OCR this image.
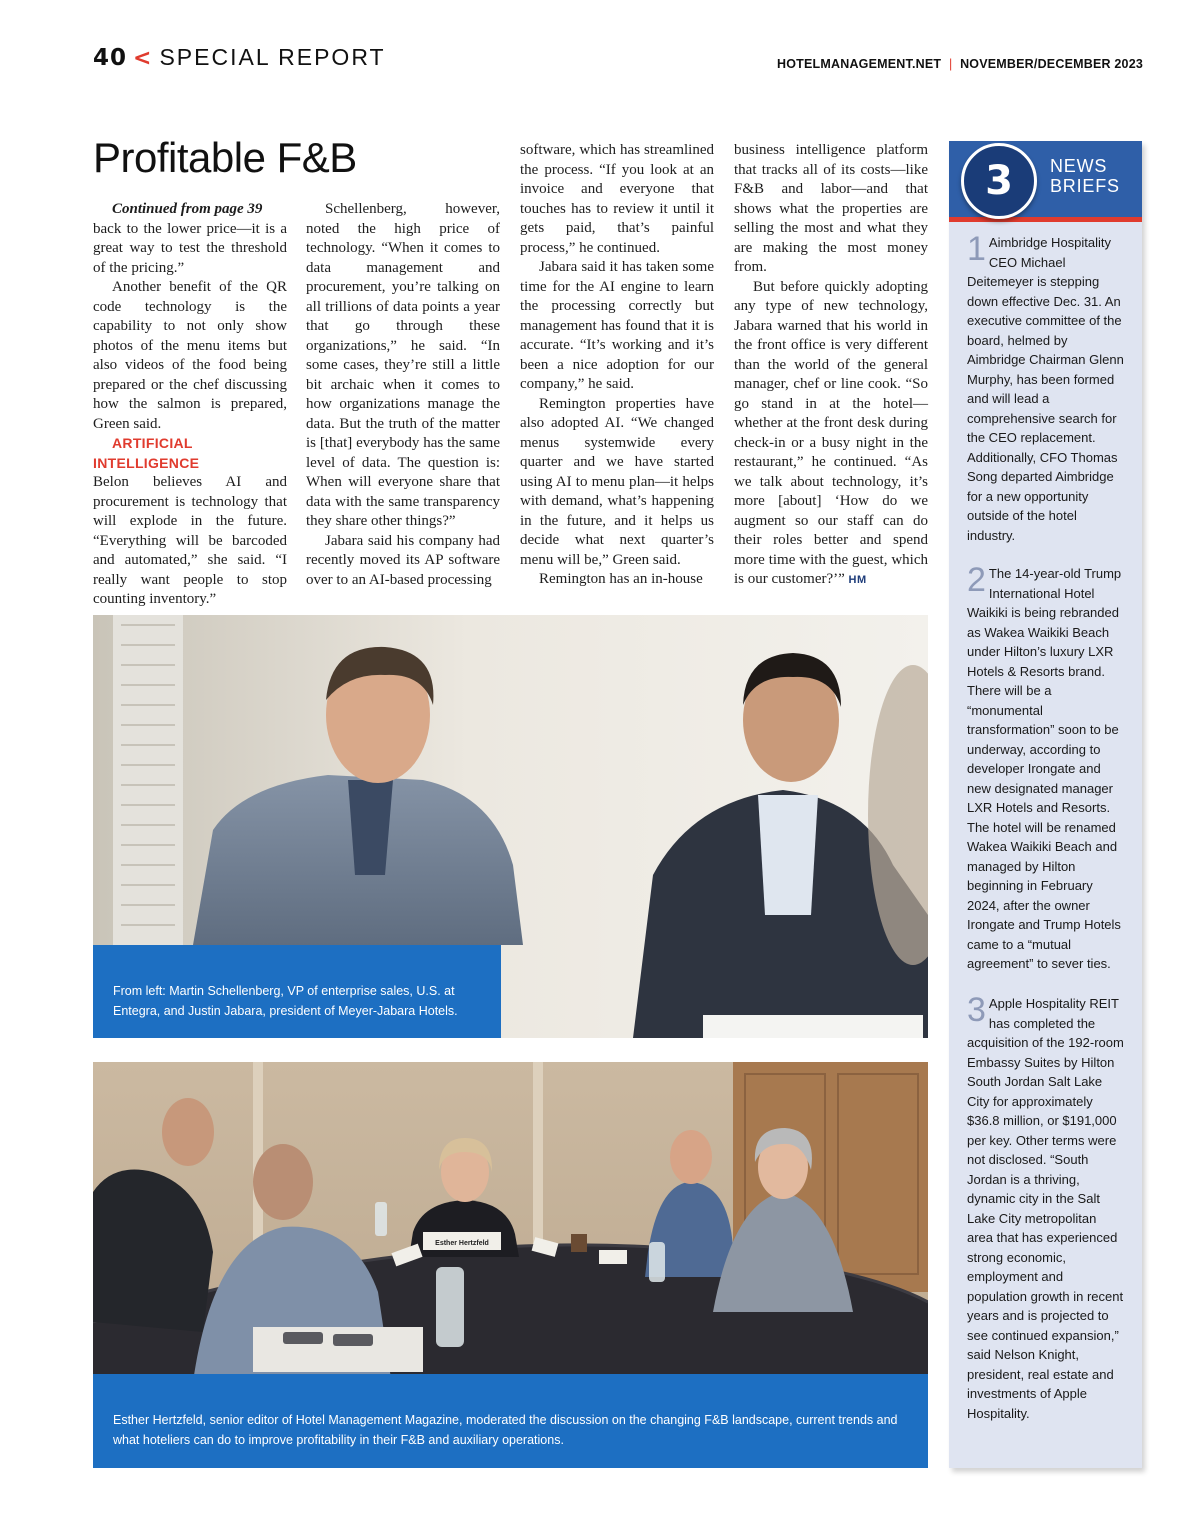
40 < SPECIAL REPORT	HOTELMANAGEMENT.NET | NOVEMBER/DECEMBER 2023
Profitable F&B

Continued from page 39

back to the lower price—it is a great way to test the threshold of the pricing.”

Another benefit of the QR code technology is the capability to not only show photos of the menu items but also videos of the food being prepared or the chef discussing how the salmon is prepared, Green said.

ARTIFICIAL INTELLIGENCE

Belon believes AI and procurement is technology that will explode in the future. “Everything will be barcoded and automated,” she said. “I really want people to stop counting inventory.”

Schellenberg, however, noted the high price of technology. “When it comes to data management and procurement, you’re talking on all trillions of data points a year that go through these organizations,” he said. “In some cases, they’re still a little bit archaic when it comes to how organizations manage the data. But the truth of the matter is [that] everybody has the same level of data. The question is: When will everyone share that data with the same transparency they share other things?”

Jabara said his company had recently moved its AP software over to an AI-based processing

software, which has streamlined the process. “If you look at an invoice and everyone that touches has to review it until it gets paid, that’s painful process,” he continued.

Jabara said it has taken some time for the AI engine to learn the processing correctly but management has found that it is accurate. “It’s working and it’s been a nice adoption for our company,” he said.

Remington properties have also adopted AI. “We changed menus systemwide every quarter and we have started using AI to menu plan—it helps with demand, what’s happening in the future, and it helps us decide what next quarter’s menu will be,” Green said.

Remington has an in-house

business intelligence platform that tracks all of its costs—like F&B and labor—and that shows what the properties are selling the most and what they are making the most money from.

But before quickly adopting any type of new technology, Jabara warned that his world in the front office is very different than the world of the general manager, chef or line cook. “So go stand in at the hotel—whether at the front desk during check-in or a busy night in the restaurant,” he continued. “As we talk about technology, it’s more [about] ‘How do we augment so our staff can do their roles better and spend more time with the guest, which is our customer?’” HM

From left: Martin Schellenberg, VP of enterprise sales, U.S. at Entegra, and Justin Jabara, president of Meyer-Jabara Hotels.
Esther Hertzfeld
Esther Hertzfeld, senior editor of Hotel Management Magazine, moderated the discussion on the changing F&B landscape, current trends and what hoteliers can do to improve profitability in their F&B and auxiliary operations.
3 NEWS
BRIEFS
1 Aimbridge Hospitality CEO Michael Deitemeyer is stepping down effective Dec. 31. An executive committee of the board, helmed by Aimbridge Chairman Glenn Murphy, has been formed and will lead a comprehensive search for the CEO replacement. Additionally, CFO Thomas Song departed Aimbridge for a new opportunity outside of the hotel industry.
2 The 14-year-old Trump International Hotel Waikiki is being rebranded as Wakea Waikiki Beach under Hilton’s luxury LXR Hotels & Resorts brand. There will be a “monumental transformation” soon to be underway, according to developer Irongate and new designated manager LXR Hotels and Resorts. The hotel will be renamed Wakea Waikiki Beach and managed by Hilton beginning in February 2024, after the owner Irongate and Trump Hotels came to a “mutual agreement” to sever ties.
3 Apple Hospitality REIT has completed the acquisition of the 192-room Embassy Suites by Hilton South Jordan Salt Lake City for approximately $36.8 million, or $191,000 per key. Other terms were not disclosed. “South Jordan is a thriving, dynamic city in the Salt Lake City metropolitan area that has experienced strong economic, employment and population growth in recent years and is projected to see continued expansion,” said Nelson Knight, president, real estate and investments of Apple Hospitality.
